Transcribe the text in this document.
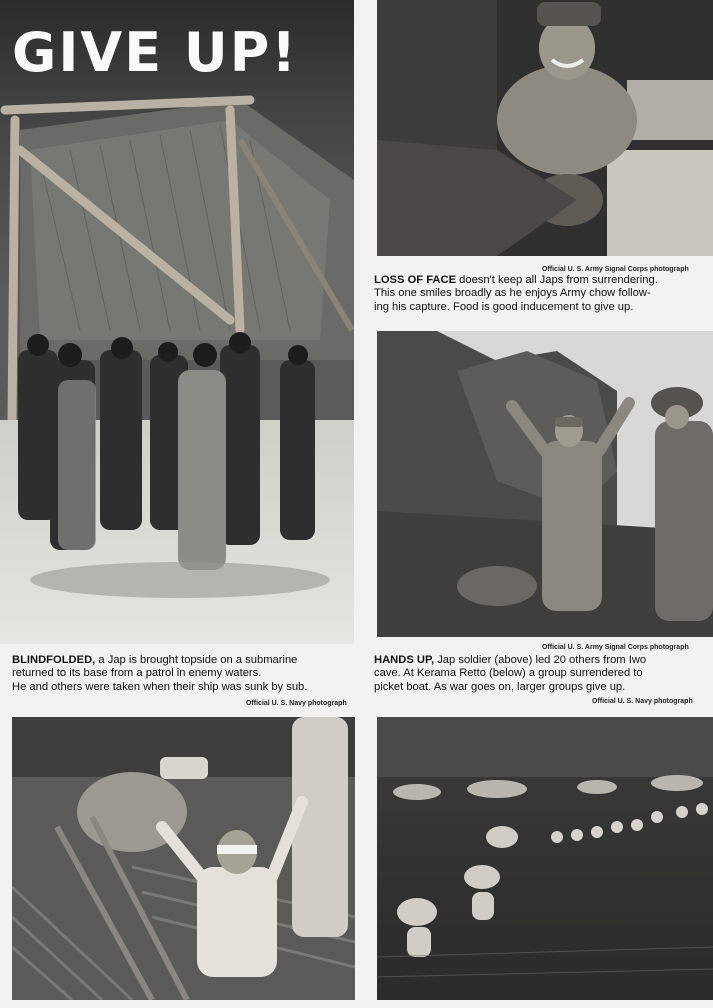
GIVE UP!
Official U. S. Army Signal Corps photograph
LOSS OF FACE doesn't keep all Japs from surrendering.
This one smiles broadly as he enjoys Army chow follow-
ing his capture. Food is good inducement to give up.
Official U. S. Army Signal Corps photograph
HANDS UP, Jap soldier (above) led 20 others from Iwo
cave. At Kerama Retto (below) a group surrendered to
picket boat. As war goes on, larger groups give up.
Official U. S. Navy photograph
BLINDFOLDED, a Jap is brought topside on a submarine
returned to its base from a patrol in enemy waters.
He and others were taken when their ship was sunk by sub.
Official U. S. Navy photograph
